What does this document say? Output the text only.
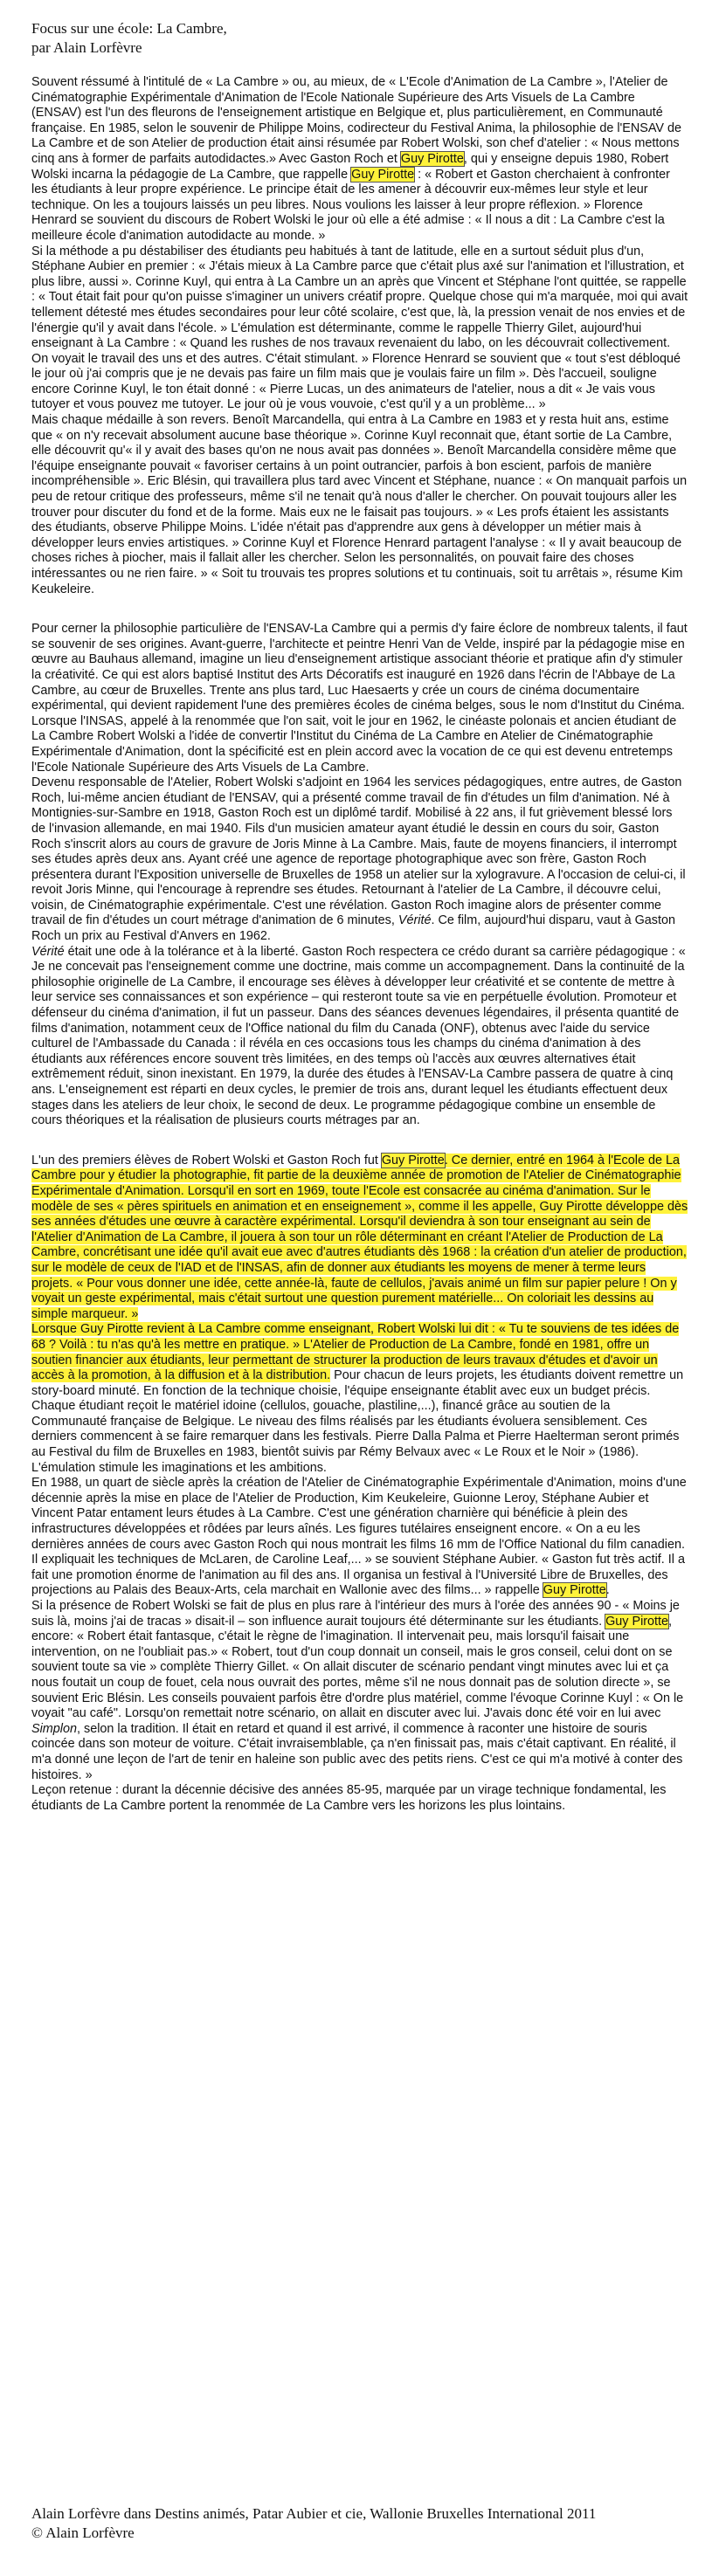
Focus sur une école: La Cambre,
par Alain Lorfèvre

Souvent réssumé à l'intitulé de « La Cambre » ou, au mieux, de « L'Ecole d'Animation de La Cambre », l'Atelier de Cinématographie Expérimentale d'Animation de l'Ecole Nationale Supérieure des Arts Visuels de La Cambre (ENSAV) est l'un des fleurons de l'enseignement artistique en Belgique et, plus particulièrement, en Communauté française. En 1985, selon le souvenir de Philippe Moins, codirecteur du Festival Anima, la philosophie de l'ENSAV de La Cambre et de son Atelier de production était ainsi résumée par Robert Wolski, son chef d'atelier : « Nous mettons cinq ans à former de parfaits autodidactes.» Avec Gaston Roch et Guy Pirotte, qui y enseigne depuis 1980, Robert Wolski incarna la pédagogie de La Cambre, que rappelle Guy Pirotte : « Robert et Gaston cherchaient à confronter les étudiants à leur propre expérience. Le principe était de les amener à découvrir eux-mêmes leur style et leur technique. On les a toujours laissés un peu libres. Nous voulions les laisser à leur propre réflexion. » Florence Henrard se souvient du discours de Robert Wolski le jour où elle a été admise : « Il nous a dit : La Cambre c'est la meilleure école d'animation autodidacte au monde. »

Si la méthode a pu déstabiliser des étudiants peu habitués à tant de latitude, elle en a surtout séduit plus d'un, Stéphane Aubier en premier : « J'étais mieux à La Cambre parce que c'était plus axé sur l'animation et l'illustration, et plus libre, aussi ». Corinne Kuyl, qui entra à La Cambre un an après que Vincent et Stéphane l'ont quittée, se rappelle : « Tout était fait pour qu'on puisse s'imaginer un univers créatif propre. Quelque chose qui m'a marquée, moi qui avait tellement détesté mes études secondaires pour leur côté scolaire, c'est que, là, la pression venait de nos envies et de l'énergie qu'il y avait dans l'école. » L'émulation est déterminante, comme le rappelle Thierry Gilet, aujourd'hui enseignant à La Cambre : « Quand les rushes de nos travaux revenaient du labo, on les découvrait collectivement. On voyait le travail des uns et des autres. C'était stimulant. » Florence Henrard se souvient que « tout s'est débloqué le jour où j'ai compris que je ne devais pas faire un film mais que je voulais faire un film ». Dès l'accueil, souligne encore Corinne Kuyl, le ton était donné : « Pierre Lucas, un des animateurs de l'atelier, nous a dit « Je vais vous tutoyer et vous pouvez me tutoyer. Le jour où je vous vouvoie, c'est qu'il y a un problème... »

Mais chaque médaille à son revers. Benoît Marcandella, qui entra à La Cambre en 1983 et y resta huit ans, estime que « on n'y recevait absolument aucune base théorique ». Corinne Kuyl reconnait que, étant sortie de La Cambre, elle découvrit qu'« il y avait des bases qu'on ne nous avait pas données ». Benoît Marcandella considère même que l'équipe enseignante pouvait « favoriser certains à un point outrancier, parfois à bon escient, parfois de manière incompréhensible ». Eric Blésin, qui travaillera plus tard avec Vincent et Stéphane, nuance : « On manquait parfois un peu de retour critique des professeurs, même s'il ne tenait qu'à nous d'aller le chercher. On pouvait toujours aller les trouver pour discuter du fond et de la forme. Mais eux ne le faisait pas toujours. » « Les profs étaient les assistants des étudiants, observe Philippe Moins. L'idée n'était pas d'apprendre aux gens à développer un métier mais à développer leurs envies artistiques. » Corinne Kuyl et Florence Henrard partagent l'analyse : « Il y avait beaucoup de choses riches à piocher, mais il fallait aller les chercher. Selon les personnalités, on pouvait faire des choses intéressantes ou ne rien faire. » « Soit tu trouvais tes propres solutions et tu continuais, soit tu arrêtais », résume Kim Keukeleire.

Pour cerner la philosophie particulière de l'ENSAV-La Cambre qui a permis d'y faire éclore de nombreux talents, il faut se souvenir de ses origines. Avant-guerre, l'architecte et peintre Henri Van de Velde, inspiré par la pédagogie mise en œuvre au Bauhaus allemand, imagine un lieu d'enseignement artistique associant théorie et pratique afin d'y stimuler la créativité. Ce qui est alors baptisé Institut des Arts Décoratifs est inauguré en 1926 dans l'écrin de l'Abbaye de La Cambre, au cœur de Bruxelles. Trente ans plus tard, Luc Haesaerts y crée un cours de cinéma documentaire expérimental, qui devient rapidement l'une des premières écoles de cinéma belges, sous le nom d'Institut du Cinéma. Lorsque l'INSAS, appelé à la renommée que l'on sait, voit le jour en 1962, le cinéaste polonais et ancien étudiant de La Cambre Robert Wolski a l'idée de convertir l'Institut du Cinéma de La Cambre en Atelier de Cinématographie Expérimentale d'Animation, dont la spécificité est en plein accord avec la vocation de ce qui est devenu entretemps l'Ecole Nationale Supérieure des Arts Visuels de La Cambre.

Devenu responsable de l'Atelier, Robert Wolski s'adjoint en 1964 les services pédagogiques, entre autres, de Gaston Roch, lui-même ancien étudiant de l'ENSAV, qui a présenté comme travail de fin d'études un film d'animation. Né à Montignies-sur-Sambre en 1918, Gaston Roch est un diplômé tardif. Mobilisé à 22 ans, il fut grièvement blessé lors de l'invasion allemande, en mai 1940. Fils d'un musicien amateur ayant étudié le dessin en cours du soir, Gaston Roch s'inscrit alors au cours de gravure de Joris Minne à La Cambre. Mais, faute de moyens financiers, il interrompt ses études après deux ans. Ayant créé une agence de reportage photographique avec son frère, Gaston Roch présentera durant l'Exposition universelle de Bruxelles de 1958 un atelier sur la xylogravure. A l'occasion de celui-ci, il revoit Joris Minne, qui l'encourage à reprendre ses études. Retournant à l'atelier de La Cambre, il découvre celui, voisin, de Cinématographie expérimentale. C'est une révélation. Gaston Roch imagine alors de présenter comme travail de fin d'études un court métrage d'animation de 6 minutes, Vérité. Ce film, aujourd'hui disparu, vaut à Gaston Roch un prix au Festival d'Anvers en 1962.

Vérité était une ode à la tolérance et à la liberté. Gaston Roch respectera ce crédo durant sa carrière pédagogique : « Je ne concevait pas l'enseignement comme une doctrine, mais comme un accompagnement. Dans la continuité de la philosophie originelle de La Cambre, il encourage ses élèves à développer leur créativité et se contente de mettre à leur service ses connaissances et son expérience – qui resteront toute sa vie en perpétuelle évolution. Promoteur et défenseur du cinéma d'animation, il fut un passeur. Dans des séances devenues légendaires, il présenta quantité de films d'animation, notamment ceux de l'Office national du film du Canada (ONF), obtenus avec l'aide du service culturel de l'Ambassade du Canada : il révéla en ces occasions tous les champs du cinéma d'animation à des étudiants aux références encore souvent très limitées, en des temps où l'accès aux œuvres alternatives était extrêmement réduit, sinon inexistant. En 1979, la durée des études à l'ENSAV-La Cambre passera de quatre à cinq ans. L'enseignement est réparti en deux cycles, le premier de trois ans, durant lequel les étudiants effectuent deux stages dans les ateliers de leur choix, le second de deux. Le programme pédagogique combine un ensemble de cours théoriques et la réalisation de plusieurs courts métrages par an.

L'un des premiers élèves de Robert Wolski et Gaston Roch fut Guy Pirotte. Ce dernier, entré en 1964 à l'Ecole de La Cambre pour y étudier la photographie, fit partie de la deuxième année de promotion de l'Atelier de Cinématographie Expérimentale d'Animation. Lorsqu'il en sort en 1969, toute l'Ecole est consacrée au cinéma d'animation. Sur le modèle de ses « pères spirituels en animation et en enseignement », comme il les appelle, Guy Pirotte développe dès ses années d'études une œuvre à caractère expérimental. Lorsqu'il deviendra à son tour enseignant au sein de l'Atelier d'Animation de La Cambre, il jouera à son tour un rôle déterminant en créant l'Atelier de Production de La Cambre, concrétisant une idée qu'il avait eue avec d'autres étudiants dès 1968 : la création d'un atelier de production, sur le modèle de ceux de l'IAD et de l'INSAS, afin de donner aux étudiants les moyens de mener à terme leurs projets. « Pour vous donner une idée, cette année-là, faute de cellulos, j'avais animé un film sur papier pelure ! On y voyait un geste expérimental, mais c'était surtout une question purement matérielle... On coloriait les dessins au simple marqueur. »

Lorsque Guy Pirotte revient à La Cambre comme enseignant, Robert Wolski lui dit : « Tu te souviens de tes idées de 68 ? Voilà : tu n'as qu'à les mettre en pratique. » L'Atelier de Production de La Cambre, fondé en 1981, offre un soutien financier aux étudiants, leur permettant de structurer la production de leurs travaux d'études et d'avoir un accès à la promotion, à la diffusion et à la distribution. Pour chacun de leurs projets, les étudiants doivent remettre un story-board minuté. En fonction de la technique choisie, l'équipe enseignante établit avec eux un budget précis. Chaque étudiant reçoit le matériel idoine (cellulos, gouache, plastiline,...), financé grâce au soutien de la Communauté française de Belgique. Le niveau des films réalisés par les étudiants évoluera sensiblement. Ces derniers commencent à se faire remarquer dans les festivals. Pierre Dalla Palma et Pierre Haelterman seront primés au Festival du film de Bruxelles en 1983, bientôt suivis par Rémy Belvaux avec « Le Roux et le Noir » (1986). L'émulation stimule les imaginations et les ambitions.

En 1988, un quart de siècle après la création de l'Atelier de Cinématographie Expérimentale d'Animation, moins d'une décennie après la mise en place de l'Atelier de Production, Kim Keukeleire, Guionne Leroy, Stéphane Aubier et Vincent Patar entament leurs études à La Cambre. C'est une génération charnière qui bénéficie à plein des infrastructures développées et rôdées par leurs aînés. Les figures tutélaires enseignent encore. « On a eu les dernières années de cours avec Gaston Roch qui nous montrait les films 16 mm de l'Office National du film canadien. Il expliquait les techniques de McLaren, de Caroline Leaf,... » se souvient Stéphane Aubier. « Gaston fut très actif. Il a fait une promotion énorme de l'animation au fil des ans. Il organisa un festival à l'Université Libre de Bruxelles, des projections au Palais des Beaux-Arts, cela marchait en Wallonie avec des films... » rappelle Guy Pirotte.

Si la présence de Robert Wolski se fait de plus en plus rare à l'intérieur des murs à l'orée des années 90 - « Moins je suis là, moins j'ai de tracas » disait-il – son influence aurait toujours été déterminante sur les étudiants. Guy Pirotte, encore: « Robert était fantasque, c'était le règne de l'imagination. Il intervenait peu, mais lorsqu'il faisait une intervention, on ne l'oubliait pas.» « Robert, tout d'un coup donnait un conseil, mais le gros conseil, celui dont on se souvient toute sa vie » complète Thierry Gillet. « On allait discuter de scénario pendant vingt minutes avec lui et ça nous foutait un coup de fouet, cela nous ouvrait des portes, même s'il ne nous donnait pas de solution directe », se souvient Eric Blésin. Les conseils pouvaient parfois être d'ordre plus matériel, comme l'évoque Corinne Kuyl : « On le voyait "au café". Lorsqu'on remettait notre scénario, on allait en discuter avec lui. J'avais donc été voir en lui avec Simplon, selon la tradition. Il était en retard et quand il est arrivé, il commence à raconter une histoire de souris coincée dans son moteur de voiture. C'était invraisemblable, ça n'en finissait pas, mais c'était captivant. En réalité, il m'a donné une leçon de l'art de tenir en haleine son public avec des petits riens. C'est ce qui m'a motivé à conter des histoires. »

Leçon retenue : durant la décennie décisive des années 85-95, marquée par un virage technique fondamental, les étudiants de La Cambre portent la renommée de La Cambre vers les horizons les plus lointains.

Alain Lorfèvre dans Destins animés, Patar Aubier et cie, Wallonie Bruxelles International 2011
© Alain Lorfèvre
